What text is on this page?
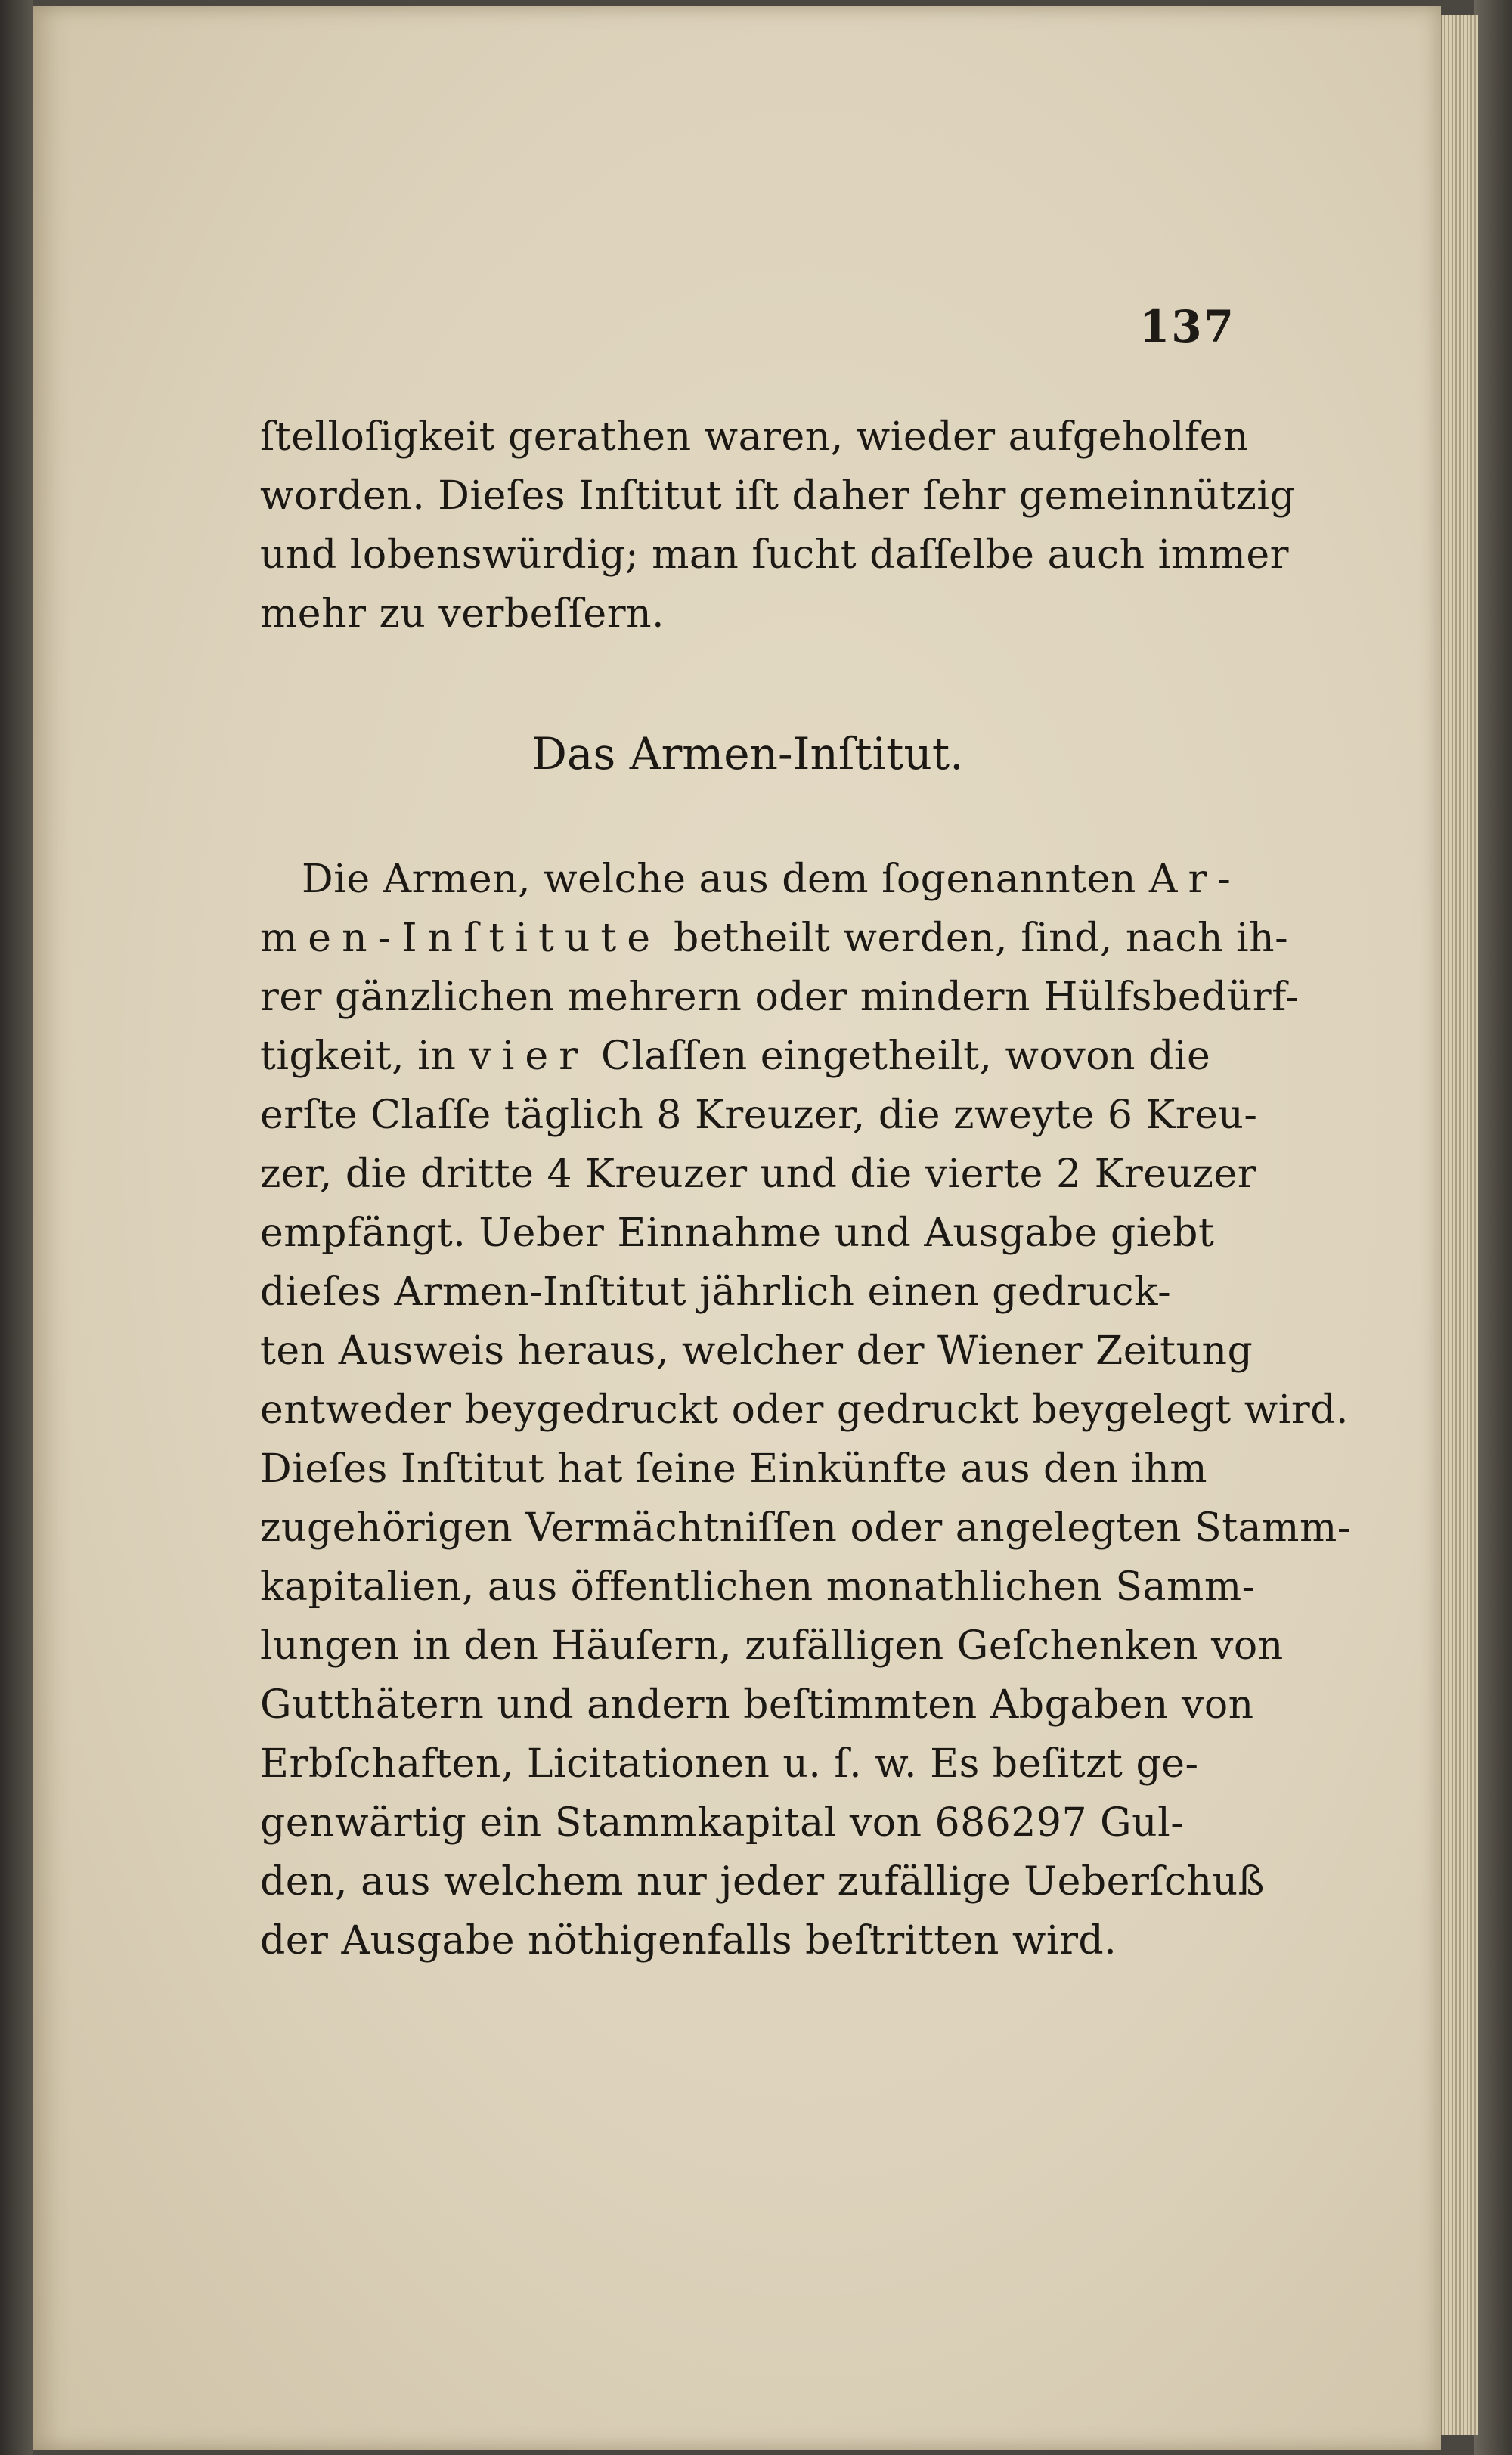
137
ſtelloſigkeit gerathen waren, wieder aufgeholfen
worden. Dieſes Inſtitut iſt daher ſehr gemeinnützig
und lobenswürdig; man ſucht daſſelbe auch immer
mehr zu verbeſſern.
Das Armen-Inſtitut.
Die Armen, welche aus dem ſogenannten Ar-
men-Inſtitute betheilt werden, ſind, nach ih-
rer gänzlichen mehrern oder mindern Hülfsbedürf-
tigkeit, in vier Claſſen eingetheilt, wovon die
erſte Claſſe täglich 8 Kreuzer, die zweyte 6 Kreu-
zer, die dritte 4 Kreuzer und die vierte 2 Kreuzer
empfängt. Ueber Einnahme und Ausgabe giebt
dieſes Armen-Inſtitut jährlich einen gedruck-
ten Ausweis heraus, welcher der Wiener Zeitung
entweder beygedruckt oder gedruckt beygelegt wird.
Dieſes Inſtitut hat ſeine Einkünfte aus den ihm
zugehörigen Vermächtniſſen oder angelegten Stamm-
kapitalien, aus öffentlichen monathlichen Samm-
lungen in den Häuſern, zufälligen Geſchenken von
Gutthätern und andern beſtimmten Abgaben von
Erbſchaften, Licitationen u. ſ. w. Es beſitzt ge-
genwärtig ein Stammkapital von 686297 Gul-
den, aus welchem nur jeder zufällige Ueberſchuß
der Ausgabe nöthigenfalls beſtritten wird.
